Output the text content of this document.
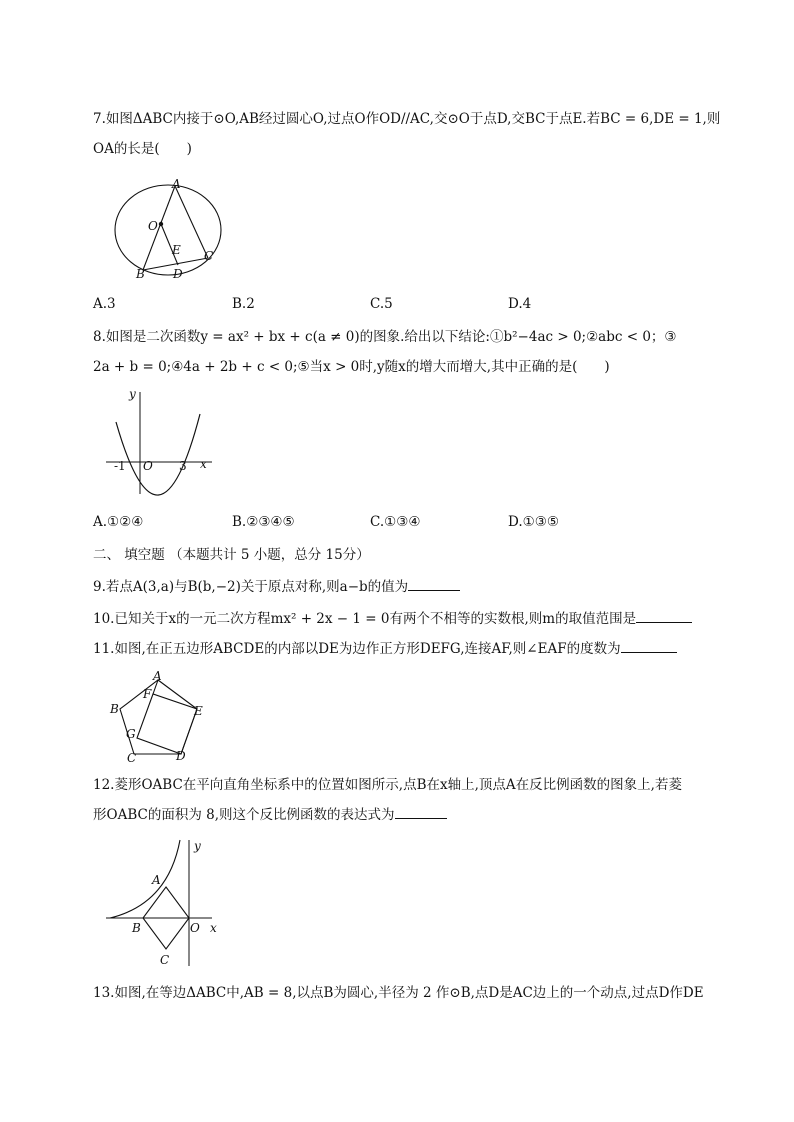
7.如图ΔABC内接于⊙O,AB经过圆心O,过点O作OD//AC,交⊙O于点D,交BC于点E.若BC = 6,DE = 1,则
OA的长是(　　)
A
O
E
B D
C
A.3	B.2	C.5	D.4
8.如图是二次函数y = ax² + bx + c(a ≠ 0)的图象.给出以下结论:①b²−4ac > 0;②abc < 0；③
2a + b = 0;④4a + 2b + c < 0;⑤当x > 0时,y随x的增大而增大,其中正确的是(　　)
y
x
-1 O 3
A.①②④	B.②③④⑤	C.①③④	D.①③⑤
二、 填空题 （本题共计 5 小题，总分 15分）
9.若点A(3,a)与B(b,−2)关于原点对称,则a−b的值为
10.已知关于x的一元二次方程mx² + 2x − 1 = 0有两个不相等的实数根,则m的取值范围是
11.如图,在正五边形ABCDE的内部以DE为边作正方形DEFG,连接AF,则∠EAF的度数为
A
F
B	E
G
C	D
12.菱形OABC在平向直角坐标系中的位置如图所示,点B在x轴上,顶点A在反比例函数的图象上,若菱
形OABC的面积为 8,则这个反比例函数的表达式为
y
A
B	O x
C
13.如图,在等边ΔABC中,AB = 8,以点B为圆心,半径为 2 作⊙B,点D是AC边上的一个动点,过点D作DE
